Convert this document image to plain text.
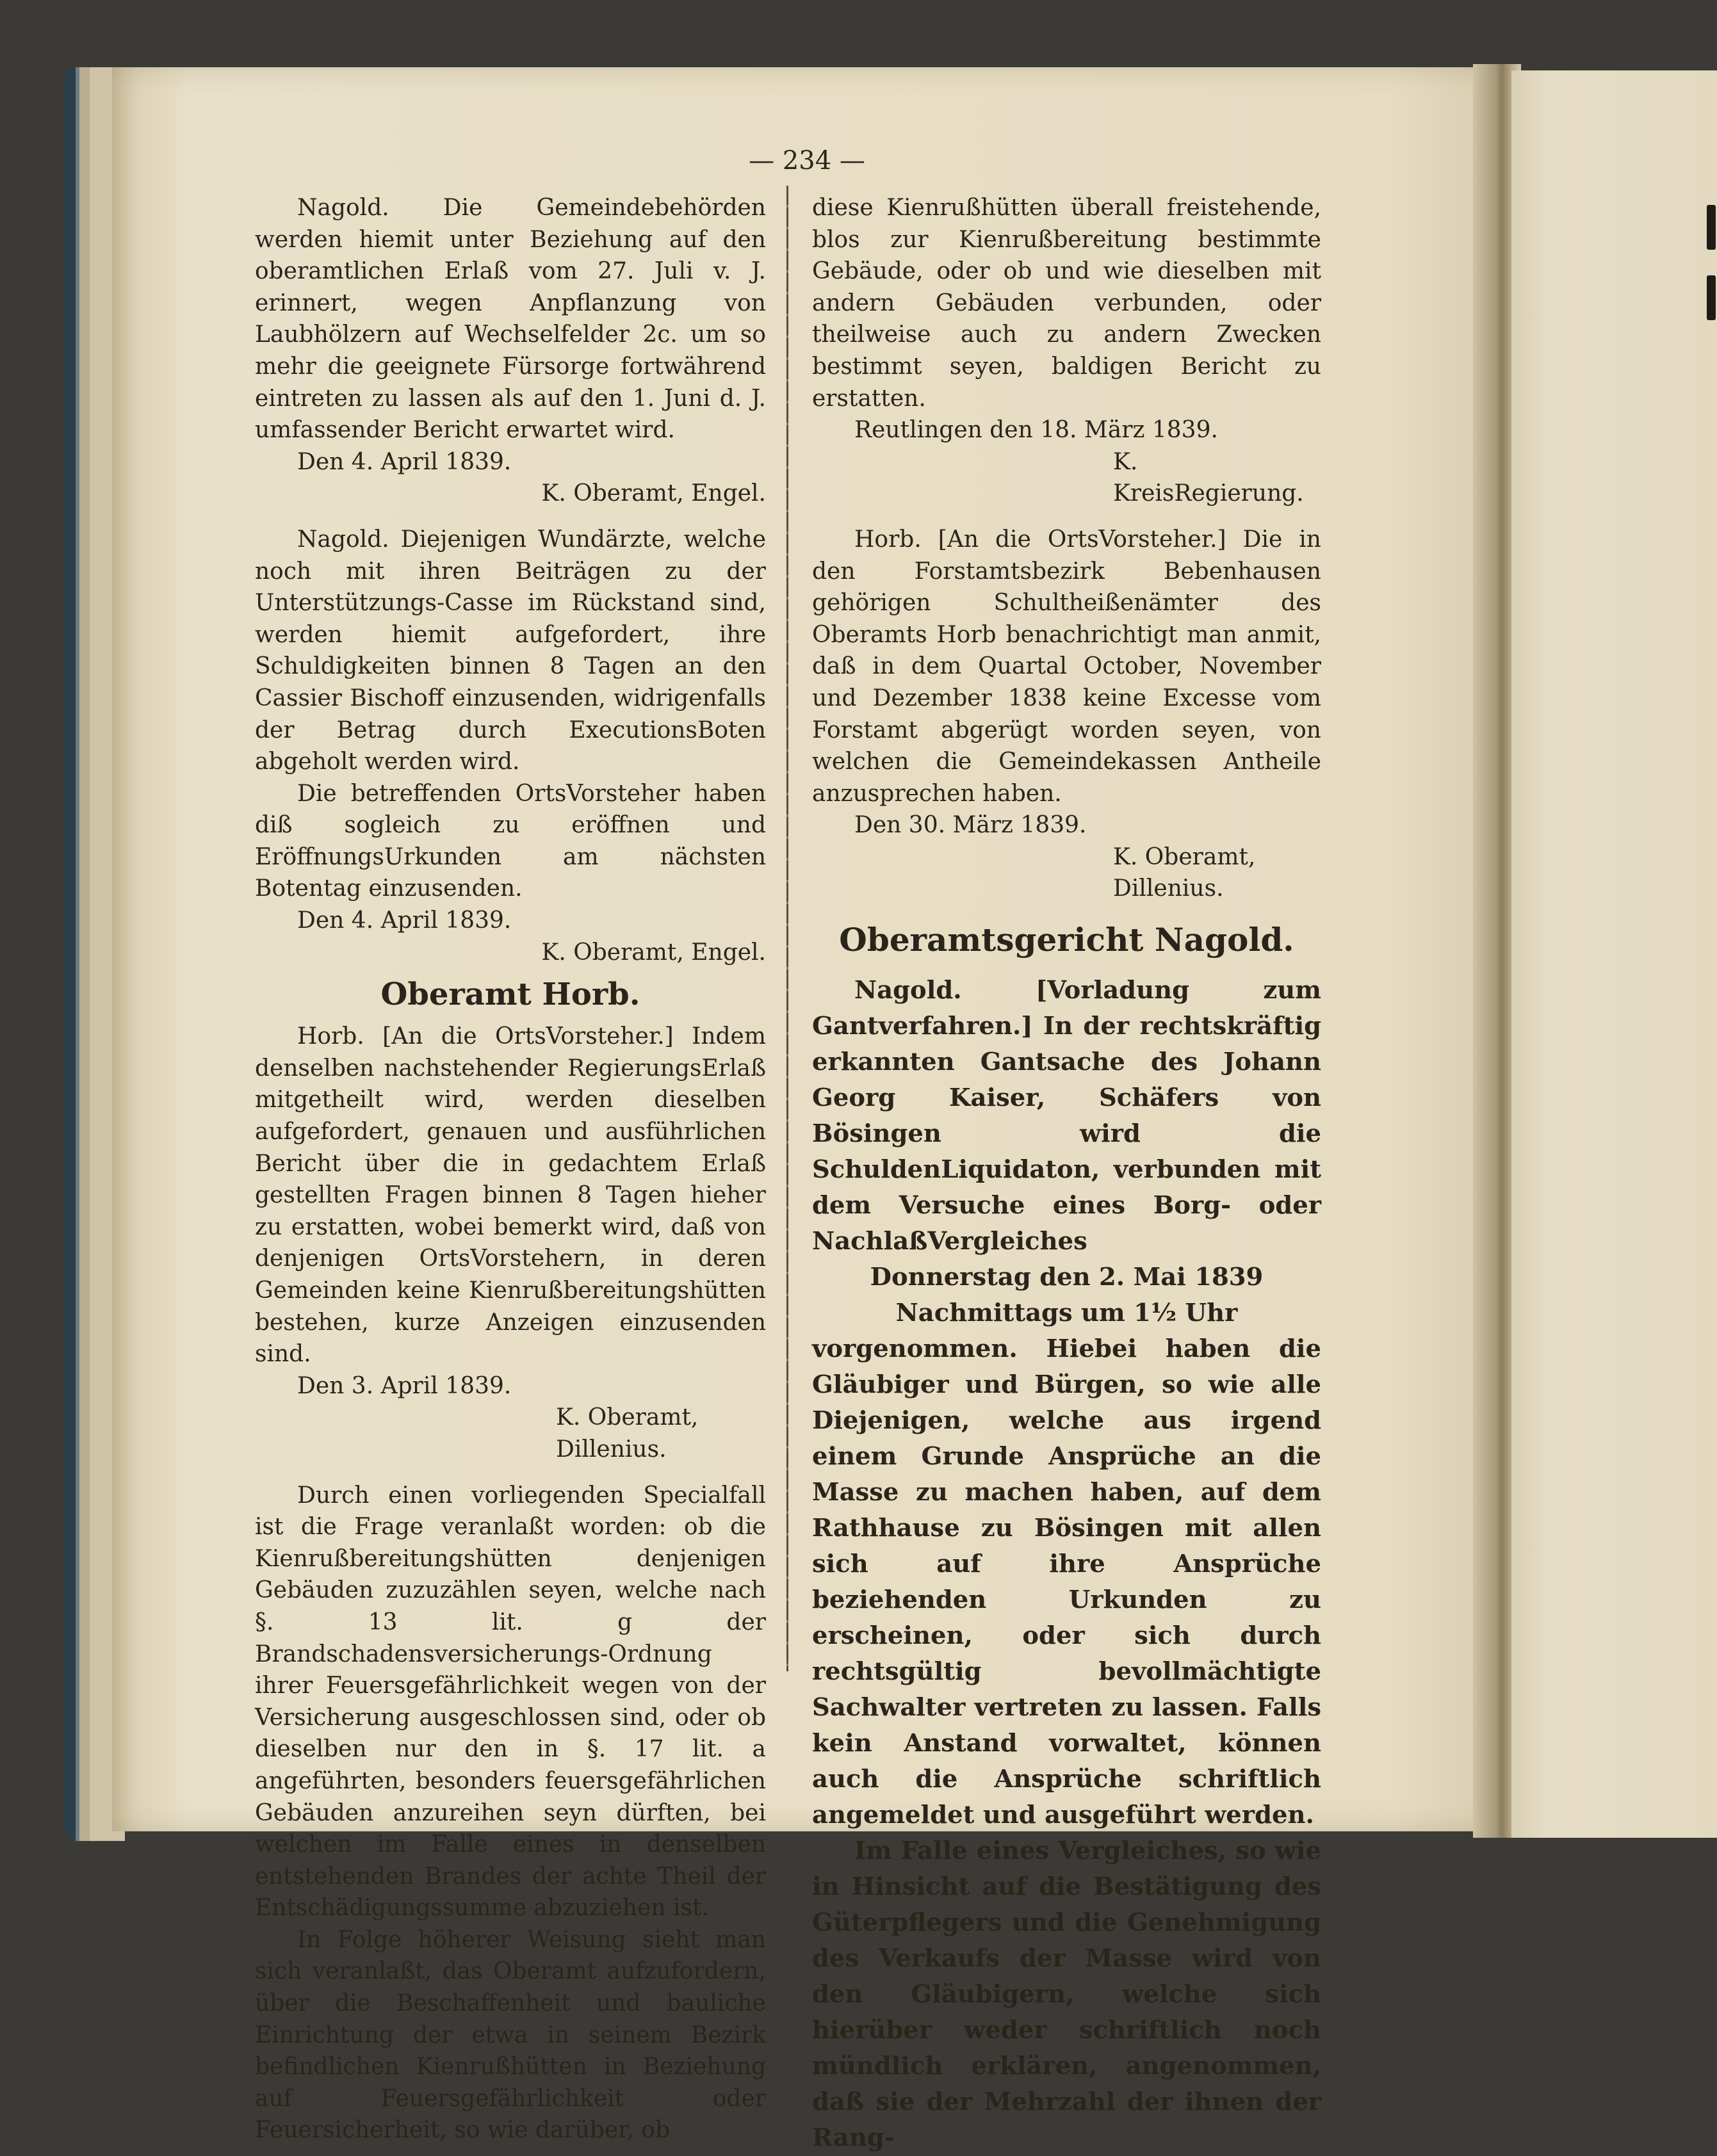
— 234 —

Nagold. Die Gemeindebehörden werden hiemit unter Beziehung auf den oberamtlichen Erlaß vom 27. Juli v. J. erinnert, wegen Anpflanzung von Laubhölzern auf Wechselfelder 2c. um so mehr die geeignete Fürsorge fortwährend eintreten zu lassen als auf den 1. Juni d. J. umfassender Bericht erwartet wird.

Den 4. April 1839.

K. Oberamt, Engel.

Nagold. Diejenigen Wundärzte, welche noch mit ihren Beiträgen zu der Unterstützungs-Casse im Rückstand sind, werden hiemit aufgefordert, ihre Schuldigkeiten binnen 8 Tagen an den Cassier Bischoff einzusenden, widrigenfalls der Betrag durch ExecutionsBoten abgeholt werden wird.

Die betreffenden OrtsVorsteher haben diß sogleich zu eröffnen und EröffnungsUrkunden am nächsten Botentag einzusenden.

Den 4. April 1839.

K. Oberamt, Engel.

Oberamt Horb.

Horb. [An die OrtsVorsteher.] Indem denselben nachstehender RegierungsErlaß mitgetheilt wird, werden dieselben aufgefordert, genauen und ausführlichen Bericht über die in gedachtem Erlaß gestellten Fragen binnen 8 Tagen hieher zu erstatten, wobei bemerkt wird, daß von denjenigen OrtsVorstehern, in deren Gemeinden keine Kienrußbereitungshütten bestehen, kurze Anzeigen einzusenden sind.

Den 3. April 1839.

K. Oberamt,

Dillenius.

Durch einen vorliegenden Specialfall ist die Frage veranlaßt worden: ob die Kienrußbereitungshütten denjenigen Gebäuden zuzuzählen seyen, welche nach §. 13 lit. g der Brandschadensversicherungs-Ordnung ihrer Feuersgefährlichkeit wegen von der Versicherung ausgeschlossen sind, oder ob dieselben nur den in §. 17 lit. a angeführten, besonders feuersgefährlichen Gebäuden anzureihen seyn dürften, bei welchen im Falle eines in denselben entstehenden Brandes der achte Theil der Entschädigungssumme abzuziehen ist.

In Folge höherer Weisung sieht man sich veranlaßt, das Oberamt aufzufordern, über die Beschaffenheit und bauliche Einrichtung der etwa in seinem Bezirk befindlichen Kienrußhütten in Beziehung auf Feuersgefährlichkeit oder Feuersicherheit, so wie darüber, ob

diese Kienrußhütten überall freistehende, blos zur Kienrußbereitung bestimmte Gebäude, oder ob und wie dieselben mit andern Gebäuden verbunden, oder theilweise auch zu andern Zwecken bestimmt seyen, baldigen Bericht zu erstatten.

Reutlingen den 18. März 1839.

K. KreisRegierung.

Horb. [An die OrtsVorsteher.] Die in den Forstamtsbezirk Bebenhausen gehörigen Schultheißenämter des Oberamts Horb benachrichtigt man anmit, daß in dem Quartal October, November und Dezember 1838 keine Excesse vom Forstamt abgerügt worden seyen, von welchen die Gemeindekassen Antheile anzusprechen haben.

Den 30. März 1839.

K. Oberamt,

Dillenius.

Oberamtsgericht Nagold.

Nagold. [Vorladung zum Gantverfahren.] In der rechtskräftig erkannten Gantsache des Johann Georg Kaiser, Schäfers von Bösingen wird die SchuldenLiquidaton, verbunden mit dem Versuche eines Borg- oder NachlaßVergleiches

Donnerstag den 2. Mai 1839

Nachmittags um 1½ Uhr

vorgenommen. Hiebei haben die Gläubiger und Bürgen, so wie alle Diejenigen, welche aus irgend einem Grunde Ansprüche an die Masse zu machen haben, auf dem Rathhause zu Bösingen mit allen sich auf ihre Ansprüche beziehenden Urkunden zu erscheinen, oder sich durch rechtsgültig bevollmächtigte Sachwalter vertreten zu lassen. Falls kein Anstand vorwaltet, können auch die Ansprüche schriftlich angemeldet und ausgeführt werden.

Im Falle eines Vergleiches, so wie in Hinsicht auf die Bestätigung des Güterpflegers und die Genehmigung des Verkaufs der Masse wird von den Gläubigern, welche sich hierüber weder schriftlich noch mündlich erklären, angenommen, daß sie der Mehrzahl der ihnen der Rang-
